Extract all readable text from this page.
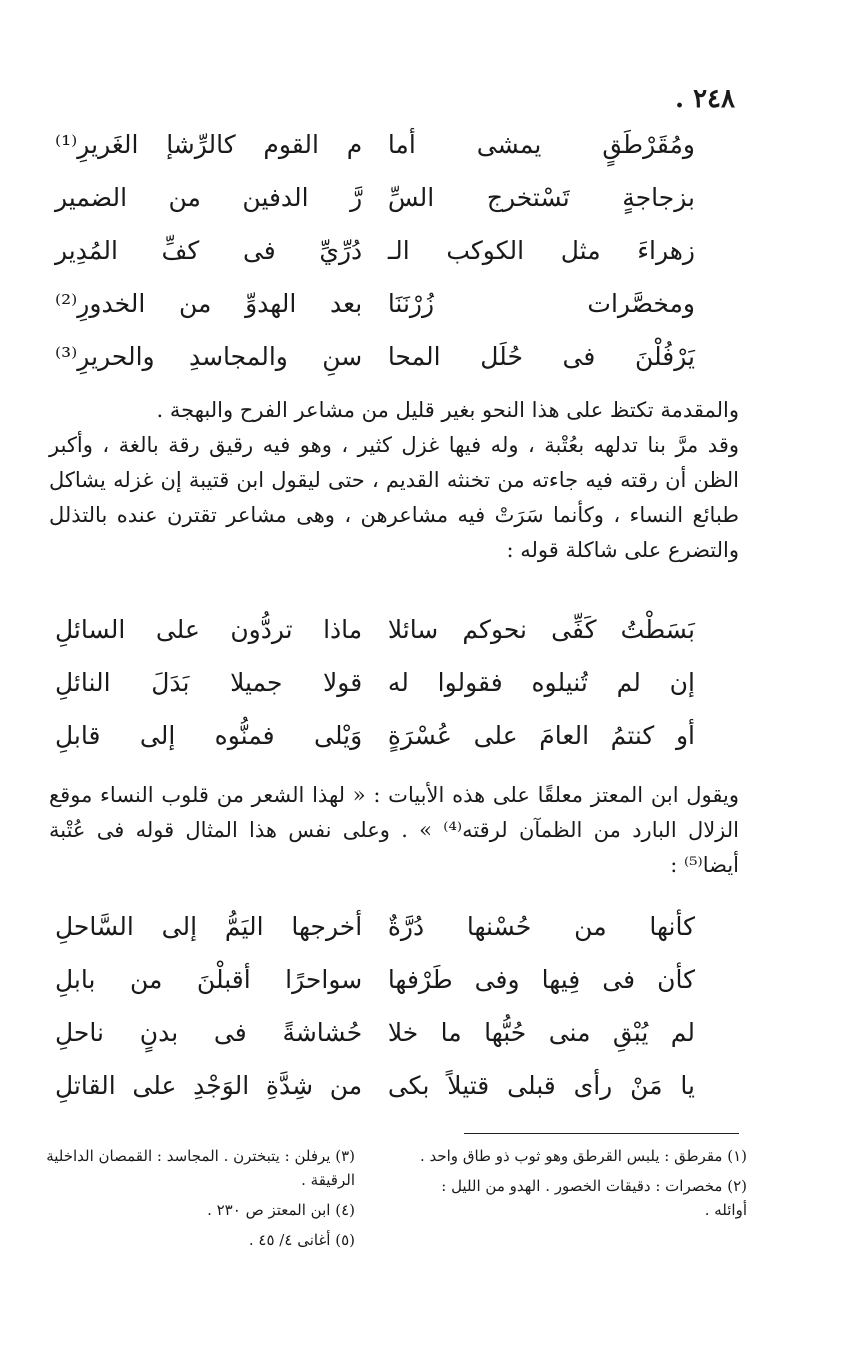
٢٤٨ .
ومُقَرْطَقٍ يمشى أما
م القوم كالرِّشإ الغَريرِ⁽¹⁾
بزجاجةٍ تَسْتخرج السِّ
رَّ الدفين من الضمير
زهراءَ مثل الكوكب الـ
دُرِّيِّ فى كفِّ المُدِير
ومخصَّرات زُرْنَنَا
بعد الهدوِّ من الخدورِ⁽²⁾
يَرْفُلْنَ فى حُلَل المحا
سنِ والمجاسدِ والحريرِ⁽³⁾

والمقدمة تكتظ على هذا النحو بغير قليل من مشاعر الفرح والبهجة .

وقد مرَّ بنا تدلهه بعُتْبة ، وله فيها غزل كثير ، وهو فيه رقيق رقة بالغة ، وأكبر الظن أن رقته فيه جاءته من تخنثه القديم ، حتى ليقول ابن قتيبة إن غزله يشاكل طبائع النساء ، وكأنما سَرَتْ فيه مشاعرهن ، وهى مشاعر تقترن عنده بالتذلل والتضرع على شاكلة قوله :

بَسَطْتُ كَفِّى نحوكم سائلا
ماذا تردُّون على السائلِ
إن لم تُنيلوه فقولوا له
قولا جميلا بَدَلَ النائلِ
أو كنتمُ العامَ على عُسْرَةٍ
وَيْلى فمنُّوه إلى قابلِ

ويقول ابن المعتز معلقًا على هذه الأبيات : « لهذا الشعر من قلوب النساء موقع الزلال البارد من الظمآن لرقته⁽⁴⁾ » . وعلى نفس هذا المثال قوله فى عُتْبة أيضا⁽⁵⁾ :

كأنها من حُسْنها دُرَّةٌ
أخرجها اليَمُّ إلى السَّاحلِ
كأن فى فِيها وفى طَرْفها
سواحرًا أقبلْنَ من بابلِ
لم يُبْقِ منى حُبُّها ما خلا
حُشاشةً فى بدنٍ ناحلِ
يا مَنْ رأى قبلى قتيلاً بكى
من شِدَّةِ الوَجْدِ على القاتلِ

(١) مقرطق : يلبس القرطق وهو ثوب ذو طاق واحد .

(٢) مخصرات : دقيقات الخصور . الهدو من الليل : أوائله .

(٣) يرفلن : يتبخترن . المجاسد : القمصان الداخلية الرقيقة .

(٤) ابن المعتز ص ٢٣٠ .

(٥) أغانى ٤/ ٤٥ .
